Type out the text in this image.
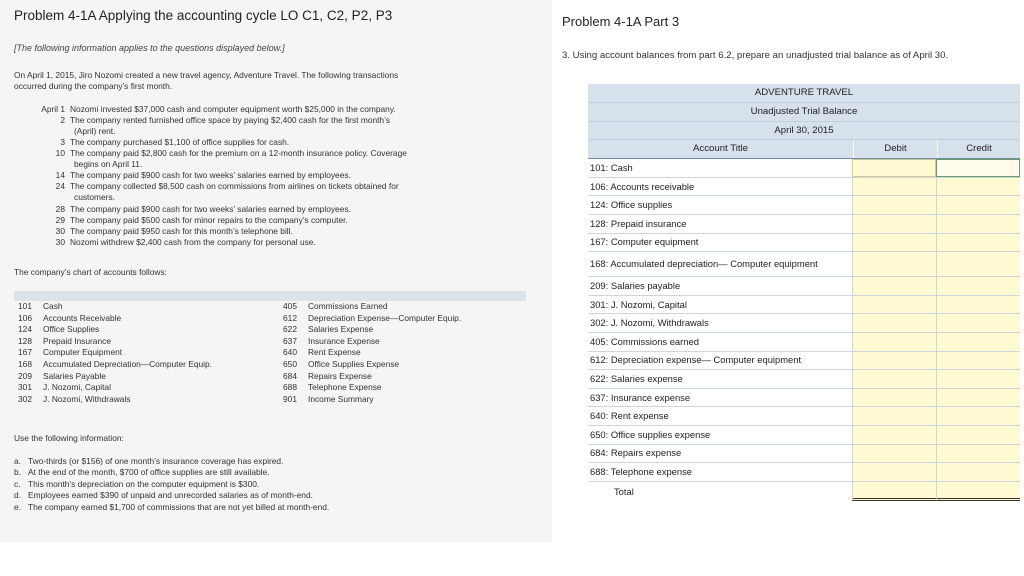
Problem 4-1A Applying the accounting cycle LO C1, C2, P2, P3
[The following information applies to the questions displayed below.]
On April 1, 2015, Jiro Nozomi created a new travel agency, Adventure Travel. The following transactions
occurred during the company’s first month.
April 1 Nozomi invested $37,000 cash and computer equipment worth $25,000 in the company.
2 The company rented furnished office space by paying $2,400 cash for the first month’s
(April) rent.
3 The company purchased $1,100 of office supplies for cash.
10 The company paid $2,800 cash for the premium on a 12-month insurance policy. Coverage
begins on April 11.
14 The company paid $900 cash for two weeks’ salaries earned by employees.
24 The company collected $8,500 cash on commissions from airlines on tickets obtained for
customers.
28 The company paid $900 cash for two weeks’ salaries earned by employees.
29 The company paid $500 cash for minor repairs to the company’s computer.
30 The company paid $950 cash for this month’s telephone bill.
30 Nozomi withdrew $2,400 cash from the company for personal use.
The company’s chart of accounts follows:
101 Cash
106 Accounts Receivable
124 Office Supplies
128 Prepaid Insurance
167 Computer Equipment
168 Accumulated Depreciation—Computer Equip.
209 Salaries Payable
301 J. Nozomi, Capital
302 J. Nozomi, Withdrawals
405 Commissions Earned
612 Depreciation Expense—Computer Equip.
622 Salaries Expense
637 Insurance Expense
640 Rent Expense
650 Office Supplies Expense
684 Repairs Expense
688 Telephone Expense
901 Income Summary
Use the following information:
a. Two-thirds (or $156) of one month’s insurance coverage has expired.
b. At the end of the month, $700 of office supplies are still available.
c. This month’s depreciation on the computer equipment is $300.
d. Employees earned $390 of unpaid and unrecorded salaries as of month-end.
e. The company earned $1,700 of commissions that are not yet billed at month-end.
Problem 4-1A Part 3
3. Using account balances from part 6.2, prepare an unadjusted trial balance as of April 30.
ADVENTURE TRAVEL
Unadjusted Trial Balance
April 30, 2015
Account Title	Debit	Credit
101: Cash
106: Accounts receivable
124: Office supplies
128: Prepaid insurance
167: Computer equipment
168: Accumulated depreciation— Computer equipment
209: Salaries payable
301: J. Nozomi, Capital
302: J. Nozomi, Withdrawals
405: Commissions earned
612: Depreciation expense— Computer equipment
622: Salaries expense
637: Insurance expense
640: Rent expense
650: Office supplies expense
684: Repairs expense
688: Telephone expense
Total
